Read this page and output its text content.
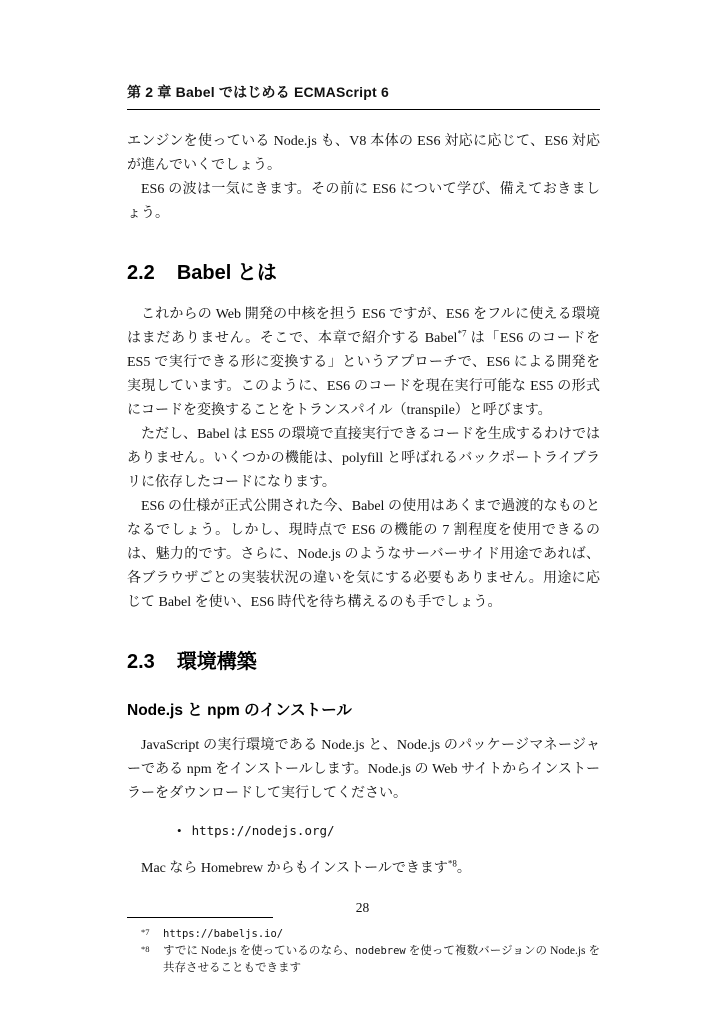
第 2 章 Babel ではじめる ECMAScript 6

エンジンを使っている Node.js も、V8 本体の ES6 対応に応じて、ES6 対応が進んでいくでしょう。

ES6 の波は一気にきます。その前に ES6 について学び、備えておきましょう。

2.2 Babel とは

これからの Web 開発の中核を担う ES6 ですが、ES6 をフルに使える環境はまだありません。そこで、本章で紹介する Babel$^{*7}$ は「ES6 のコードを ES5 で実行できる形に変換する」というアプローチで、ES6 による開発を実現しています。このように、ES6 のコードを現在実行可能な ES5 の形式にコードを変換することをトランスパイル（transpile）と呼びます。

ただし、Babel は ES5 の環境で直接実行できるコードを生成するわけではありません。いくつかの機能は、polyfill と呼ばれるバックポートライブラリに依存したコードになります。

ES6 の仕様が正式公開された今、Babel の使用はあくまで過渡的なものとなるでしょう。しかし、現時点で ES6 の機能の 7 割程度を使用できるのは、魅力的です。さらに、Node.js のようなサーバーサイド用途であれば、各ブラウザごとの実装状況の違いを気にする必要もありません。用途に応じて Babel を使い、ES6 時代を待ち構えるのも手でしょう。

2.3 環境構築
Node.js と npm のインストール

JavaScript の実行環境である Node.js と、Node.js のパッケージマネージャーである npm をインストールします。Node.js の Web サイトからインストーラーをダウンロードして実行してください。

• https://nodejs.org/

Mac なら Homebrew からもインストールできます$^{*8}$。

*7	https://babeljs.io/
*8	すでに Node.js を使っているのなら、nodebrew を使って複数バージョンの Node.js を共存させることもできます
28
